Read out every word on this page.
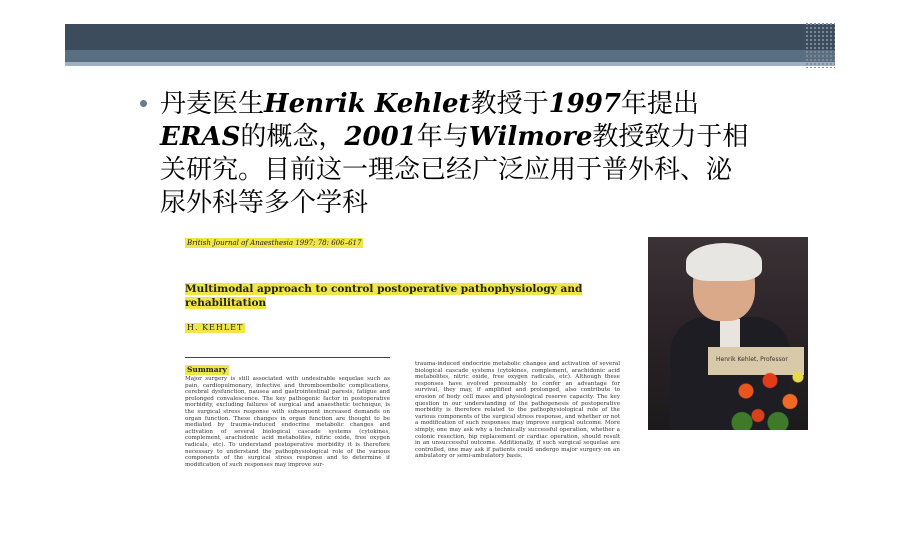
丹麦医生Henrik Kehlet教授于1997年提出ERAS的概念，2001年与Wilmore教授致力于相关研究。目前这一理念已经广泛应用于普外科、泌尿外科等多个学科
British Journal of Anaesthesia 1997; 78: 606–617
Multimodal approach to control postoperative pathophysiology and rehabilitation
H. KEHLET
Summary
Major surgery is still associated with undesirable sequelae such as pain, cardiopulmonary, infective and thromboembolic complications, cerebral dysfunction, nausea and gastrointestinal paresis, fatigue and prolonged convalescence. The key pathogenic factor in postoperative morbidity, excluding failures of surgical and anaesthetic technique, is the surgical stress response with subsequent increased demands on organ function. These changes in organ function are thought to be mediated by trauma-induced endocrine metabolic changes and activation of several biological cascade systems (cytokines, complement, arachidonic acid metabolites, nitric oxide, free oxygen radicals, etc). To understand postoperative morbidity it is therefore necessary to understand the pathophysiological role of the various components of the surgical stress response and to determine if modification of such responses may improve sur-
trauma-induced endocrine metabolic changes and activation of several biological cascade systems (cytokines, complement, arachidonic acid metabolites, nitric oxide, free oxygen radicals, etc). Although these responses have evolved presumably to confer an advantage for survival, they may, if amplified and prolonged, also contribute to erosion of body cell mass and physiological reserve capacity. The key question in our understanding of the pathogenesis of postoperative morbidity is therefore related to the pathophysiological role of the various components of the surgical stress response, and whether or not a modification of such responses may improve surgical outcome. More simply, one may ask why a technically successful operation, whether a colonic resection, hip replacement or cardiac operation, should result in an unsuccessful outcome. Additionally, if such surgical sequelae are controlled, one may ask if patients could undergo major surgery on an ambulatory or semi-ambulatory basis.
Henrik Kehlet, Professor
